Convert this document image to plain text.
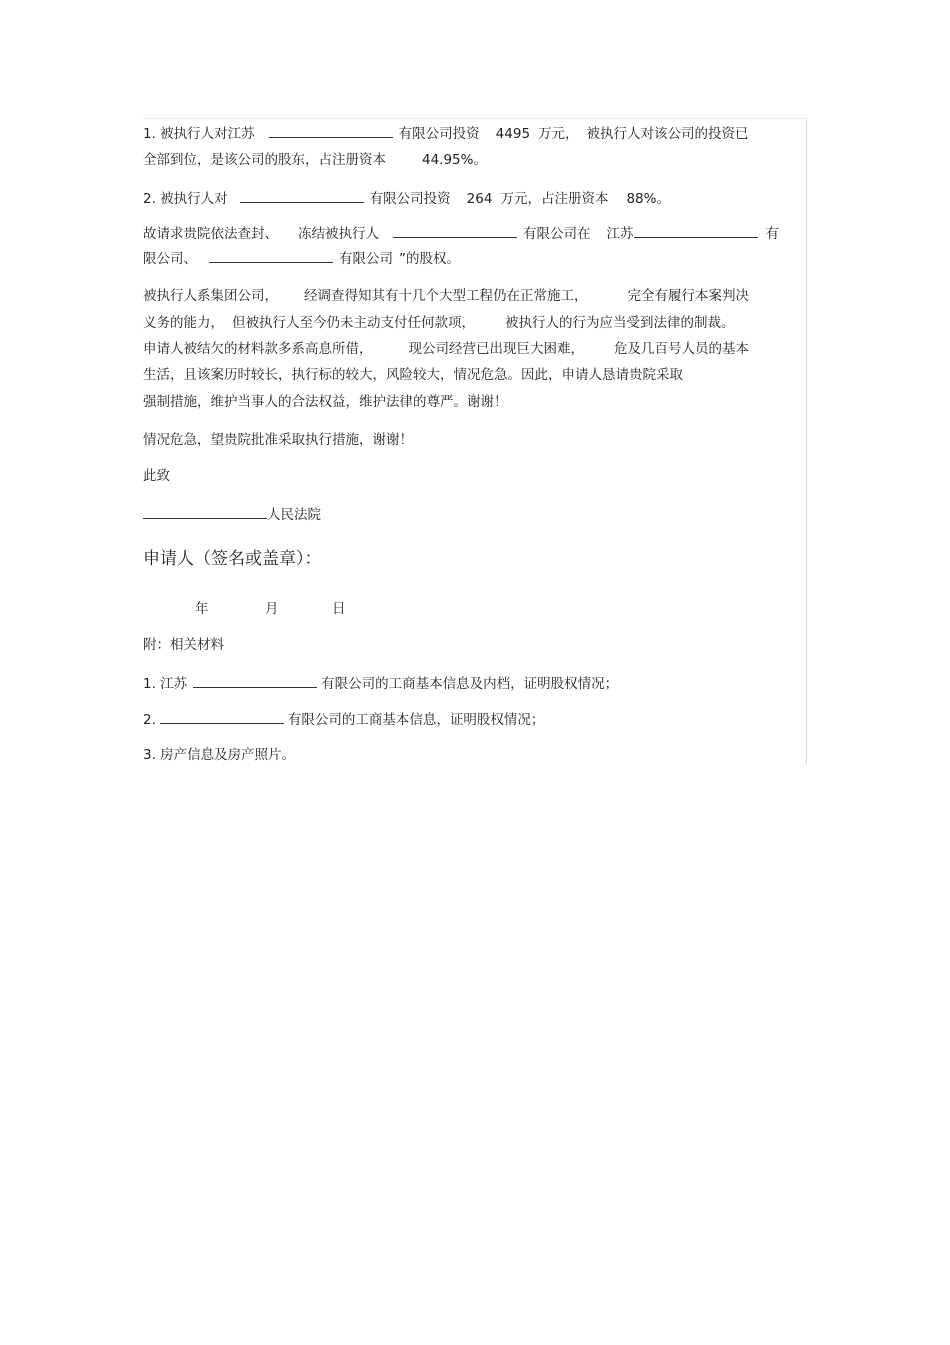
1. 被执行人对江苏	有限公司投资 4495 万元， 被执行人对该公司的投资已
全部到位，是该公司的股东，占注册资本	44.95%。
2. 被执行人对	有限公司投资 264 万元，占注册资本 88%。
故请求贵院依法查封、 冻结被执行人	有限公司在 江苏	有
限公司、	有限公司 ”的股权。
被执行人系集团公司， 经调查得知其有十几个大型工程仍在正常施工，	完全有履行本案判决
义务的能力， 但被执行人至今仍未主动支付任何款项， 被执行人的行为应当受到法律的制裁。
申请人被结欠的材料款多系高息所借，	现公司经营已出现巨大困难， 危及几百号人员的基本
生活，且该案历时较长，执行标的较大，风险较大，情况危急。因此，申请人恳请贵院采取
强制措施，维护当事人的合法权益，维护法律的尊严。谢谢！
情况危急，望贵院批准采取执行措施，谢谢！
此致
人民法院
申请人（签名或盖章）：
年	月	日
附：相关材料
1. 江苏	有限公司的工商基本信息及内档，证明股权情况；
2.	有限公司的工商基本信息，证明股权情况；
3. 房产信息及房产照片。
